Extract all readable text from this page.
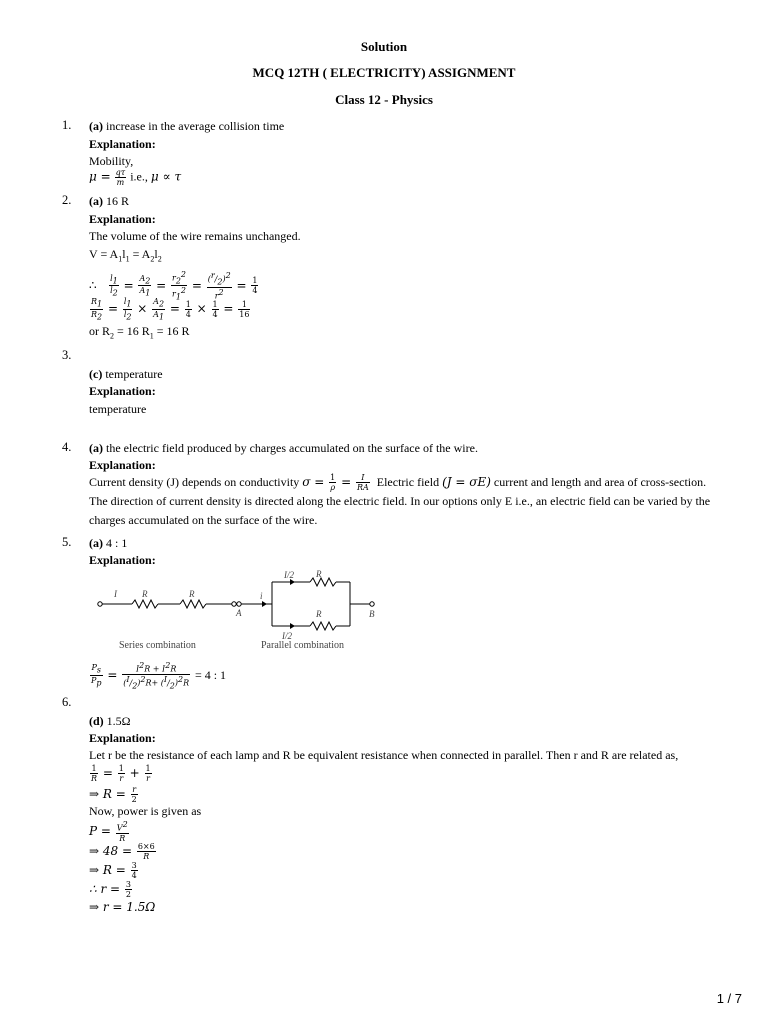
Solution
MCQ 12TH ( ELECTRICITY) ASSIGNMENT
Class 12 - Physics
1. (a) increase in the average collision time
Explanation:
Mobility,
$\mu = \frac{q\tau}{m} i.e$., μ ∝ τ
2. (a) 16 R
Explanation:
The volume of the wire remains unchanged.
$V = A_1l_1 = A_2l_2$
∴ $\frac{l_1}{l_2} = \frac{A_2}{A_1} = \frac{r_2^2}{r_1^2} = \frac{(^r/_2)^2}{r^2} = \frac{1}{4}$
$\frac{R_1}{R_2} = \frac{l_1}{l_2} \times \frac{A_2}{A_1} = \frac{1}{4} \times \frac{1}{4} = \frac{1}{16}$
or $R_2 = 16$ $R_1 = 16$ R
3.
(c) temperature
Explanation:
temperature
4. (a) the electric field produced by charges accumulated on the surface of the wire.
Explanation:
Current density (J) depends on conductivity $\sigma = \frac{1}{\rho} = \frac{I}{RA}$ Electric field (J = σE) current and length and area of cross-section. The direction of current density is directed along the electric field. In our options only E i.e., an electric field can be varied by the charges accumulated on the surface of the wire.
5. (a) 4 : 1
Explanation:
I	R	R
Series combination
I/2 R
i
R
A	B
I/2
Parallel combination
$\frac{P_s}{P_p} = \frac{I^2R + I^2R}{(^I/_2)^2R+ (^I/_2)^2R} = 4$ : 1
6.
(d) 1.5Ω
Explanation:
Let r be the resistance of each lamp and R be equivalent resistance when connected in parallel. Then r and R are related as,
$\frac{1}{R} = \frac{1}{r} + \frac{1}{r}$
⇒ $R = \frac{r}{2}$
Now, power is given as
$P = \frac{V^2}{R}$
⇒ $48 = \frac{6\times 6}{R}$
⇒ $R = \frac{3}{4}$
∴ $r = \frac{3}{2}$
⇒ r = 1.5Ω
1 / 7
